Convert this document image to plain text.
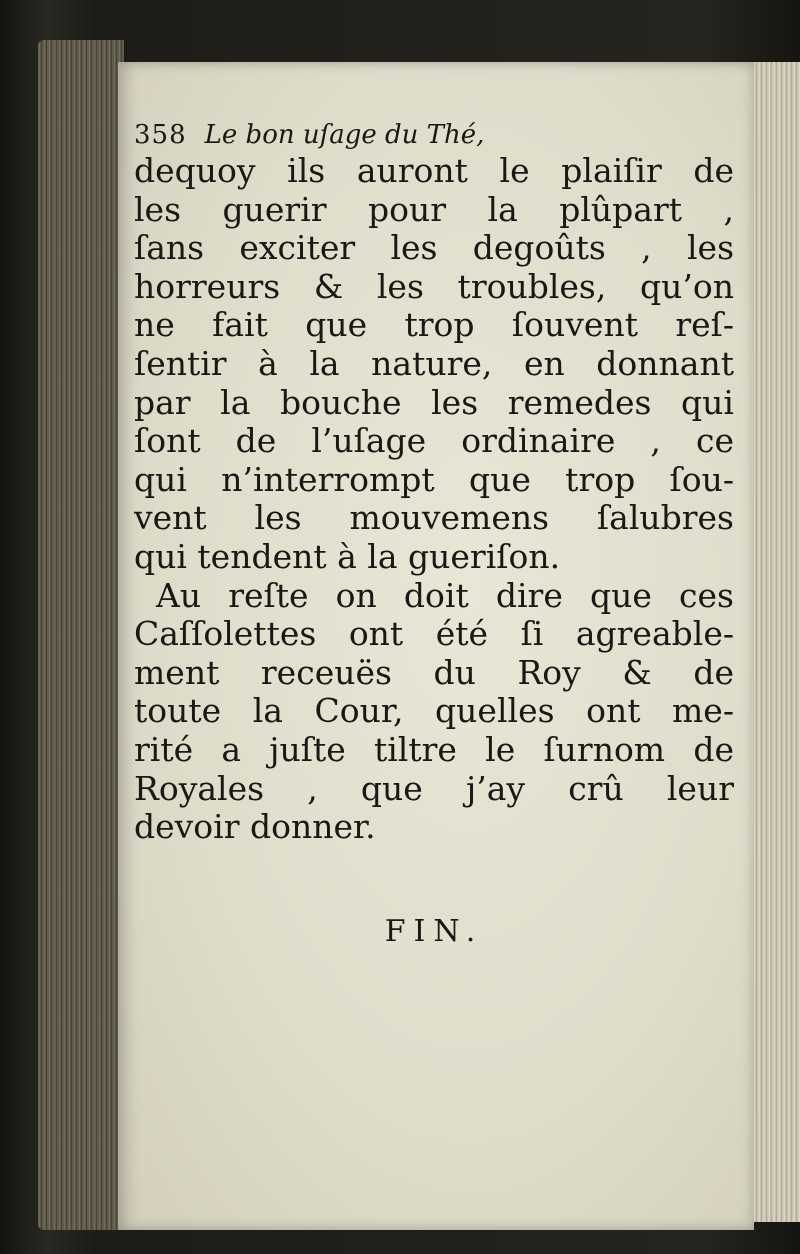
358 Le bon uſage du Thé,
dequoy ils auront le plaiſir de
les guerir pour la plûpart ,
ſans exciter les degoûts , les
horreurs & les troubles, qu’on
ne fait que trop ſouvent reſ-
ſentir à la nature, en donnant
par la bouche les remedes qui
ſont de l’uſage ordinaire , ce
qui n’interrompt que trop ſou-
vent les mouvemens ſalubres
qui tendent à la gueriſon.
Au reſte on doit dire que ces
Caſſolettes ont été ſi agreable-
ment receuës du Roy & de
toute la Cour, quelles ont me-
rité a juſte tiltre le ſurnom de
Royales , que j’ay crû leur
devoir donner.
FIN.
